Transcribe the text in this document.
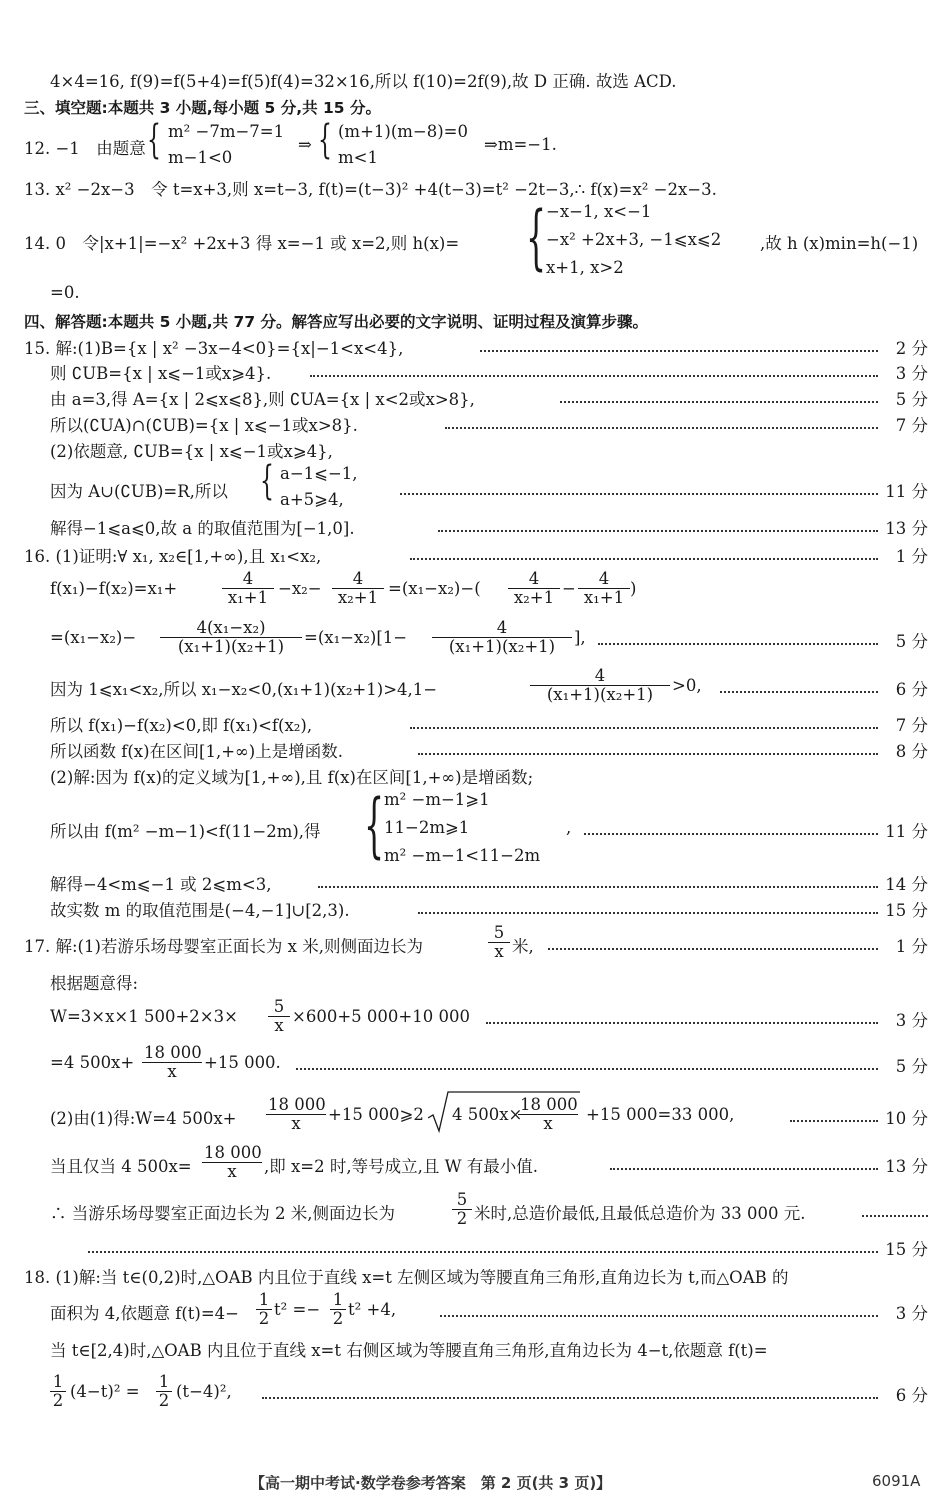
4×4=16, f(9)=f(5+4)=f(5)f(4)=32×16,所以 f(10)=2f(9),故 D 正确. 故选 ACD.
三、填空题:本题共 3 小题,每小题 5 分,共 15 分。
12. −1　由题意 { m² −7m−7=1
m−1<0
⇒ { (m+1)(m−8)=0
m<1
⇒m=−1.
13. x² −2x−3　令 t=x+3,则 x=t−3, f(t)=(t−3)² +4(t−3)=t² −2t−3,∴ f(x)=x² −2x−3.
14. 0　令|x+1|=−x² +2x+3 得 x=−1 或 x=2,则 h(x)= { −x−1, x<−1
−x² +2x+3, −1⩽x⩽2
x+1, x>2
,故 h (x)min=h(−1)
=0.
四、解答题:本题共 5 小题,共 77 分。解答应写出必要的文字说明、证明过程及演算步骤。
15. 解:(1)B={x | x² −3x−4<0}={x|−1<x<4},	2 分
则 ∁UB={x | x⩽−1或x⩾4}.	3 分
由 a=3,得 A={x | 2⩽x⩽8},则 ∁UA={x | x<2或x>8},	5 分
所以(∁UA)∩(∁UB)={x | x⩽−1或x>8}.	7 分
(2)依题意, ∁UB={x | x⩽−1或x⩾4},
因为 A∪(∁UB)=R,所以 { a−1⩽−1,
a+5⩾4,	11 分
解得−1⩽a⩽0,故 a 的取值范围为[−1,0].	13 分
16. (1)证明:∀ x₁, x₂∈[1,+∞),且 x₁<x₂,	1 分
f(x₁)−f(x₂)=x₁+	$\frac{4}{\text{x₁+1}} -x_2- \frac{4}{\text{x₂+1}} =(x_1-x_2)-( \frac{4}{\text{x₂+1}} - \frac{4}{\text{x₁+1}}$ )
$=(x_1-x_2)- \frac{\text{4(x₁−x₂)}}{\text{(x₁+1)(x₂+1)}} =(x_1-x_2)[1- \frac{4}{\text{(x₁+1)(x₂+1)}}$ ],	5 分
因为 1⩽x₁<x₂,所以 x₁−x₂<0,(x₁+1)(x₂+1)>4,1−	$\frac{4}{\text{(x₁+1)(x₂+1)}} >0$,	6 分
所以 f(x₁)−f(x₂)<0,即 f(x₁)<f(x₂),	7 分
所以函数 f(x)在区间[1,+∞)上是增函数.	8 分
(2)解:因为 f(x)的定义域为[1,+∞),且 f(x)在区间[1,+∞)是增函数;
所以由 f(m² −m−1)<f(11−2m),得 { m² −m−1⩾1
11−2m⩾1
m² −m−1<11−2m
,	11 分
解得−4<m⩽−1 或 2⩽m<3,	14 分
故实数 m 的取值范围是(−4,−1]∪[2,3).	15 分
17. 解:(1)若游乐场母婴室正面长为 x 米,则侧面边长为	$\frac{5}{x}$ 米,	1 分
根据题意得:
W=3×x×1 $500+2\times 3\times \frac{5}{x} \times 600+5$ 000+10 000	3 分
=4 $500x+ \frac{18 000}{x} +15$ 000.	5 分
(2)由(1)得:W=4 $500x+ \frac{18 000}{x} +15$ 000⩾2 4 500x×
$\frac{18 000}{x} +15$ 000=33 000,	10 分
当且仅当 4 $500x= \frac{18 000}{x}$ ,即 x=2 时,等号成立,且 W 有最小值.	13 分
∴ 当游乐场母婴室正面边长为 2 米,侧面边长为	$\frac{5}{2}$ 米时,总造价最低,且最低总造价为 33 000 元.
15 分
18. (1)解:当 t∈(0,2)时,△OAB 内且位于直线 x=t 左侧区域为等腰直角三角形,直角边长为 t,而△OAB 的
面积为 4,依题意 $f(t)=4- \frac{1}{2} t^2 =- \frac{1}{2} t^2 +4$,	3 分
当 t∈[2,4)时,△OAB 内且位于直线 x=t 右侧区域为等腰直角三角形,直角边长为 4−t,依题意 f(t)=
$\frac{1}{2} (4-t)^2 = \frac{1}{2} (t-4)^2$,	6 分
【高一期中考试·数学卷参考答案　第 2 页(共 3 页)】	6091A
